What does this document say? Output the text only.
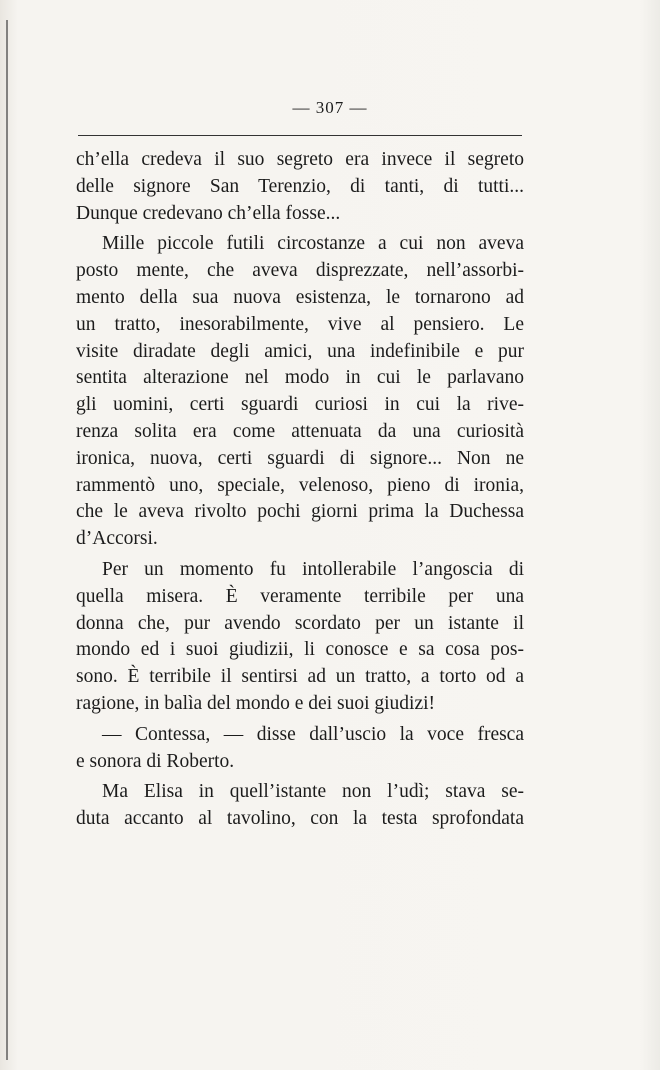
— 307 —
ch’ella credeva il suo segreto era invece il segreto
delle signore San Terenzio, di tanti, di tutti...
Dunque credevano ch’ella fosse...
Mille piccole futili circostanze a cui non aveva
posto mente, che aveva disprezzate, nell’assorbi-
mento della sua nuova esistenza, le tornarono ad
un tratto, inesorabilmente, vive al pensiero. Le
visite diradate degli amici, una indefinibile e pur
sentita alterazione nel modo in cui le parlavano
gli uomini, certi sguardi curiosi in cui la rive-
renza solita era come attenuata da una curiosità
ironica, nuova, certi sguardi di signore... Non ne
rammentò uno, speciale, velenoso, pieno di ironia,
che le aveva rivolto pochi giorni prima la Duchessa
d’Accorsi.
Per un momento fu intollerabile l’angoscia di
quella misera. È veramente terribile per una
donna che, pur avendo scordato per un istante il
mondo ed i suoi giudizii, li conosce e sa cosa pos-
sono. È terribile il sentirsi ad un tratto, a torto od a
ragione, in balìa del mondo e dei suoi giudizi!
— Contessa, — disse dall’uscio la voce fresca
e sonora di Roberto.
Ma Elisa in quell’istante non l’udì; stava se-
duta accanto al tavolino, con la testa sprofondata
